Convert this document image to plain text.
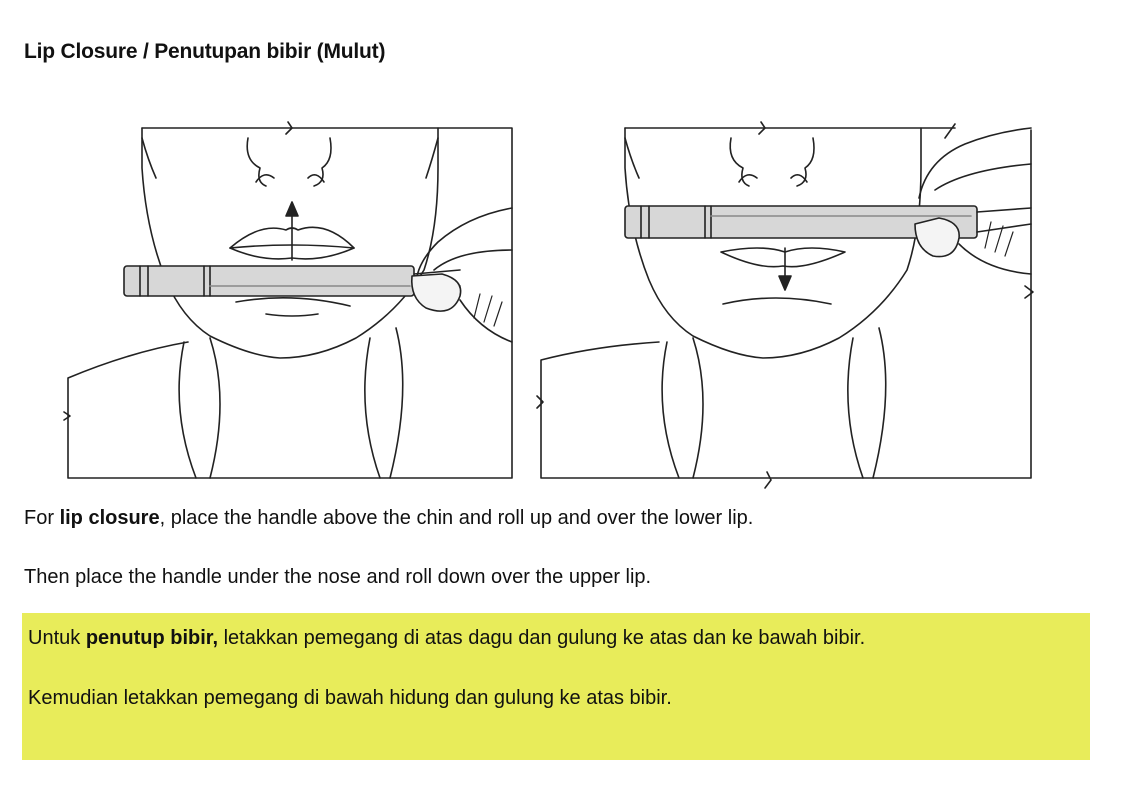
Lip Closure / Penutupan bibir (Mulut)

For lip closure, place the handle above the chin and roll up and over the lower lip.

Then place the handle under the nose and roll down over the upper lip.

Untuk penutup bibir, letakkan pemegang di atas dagu dan gulung ke atas dan ke bawah bibir.

Kemudian letakkan pemegang di bawah hidung dan gulung ke atas bibir.
